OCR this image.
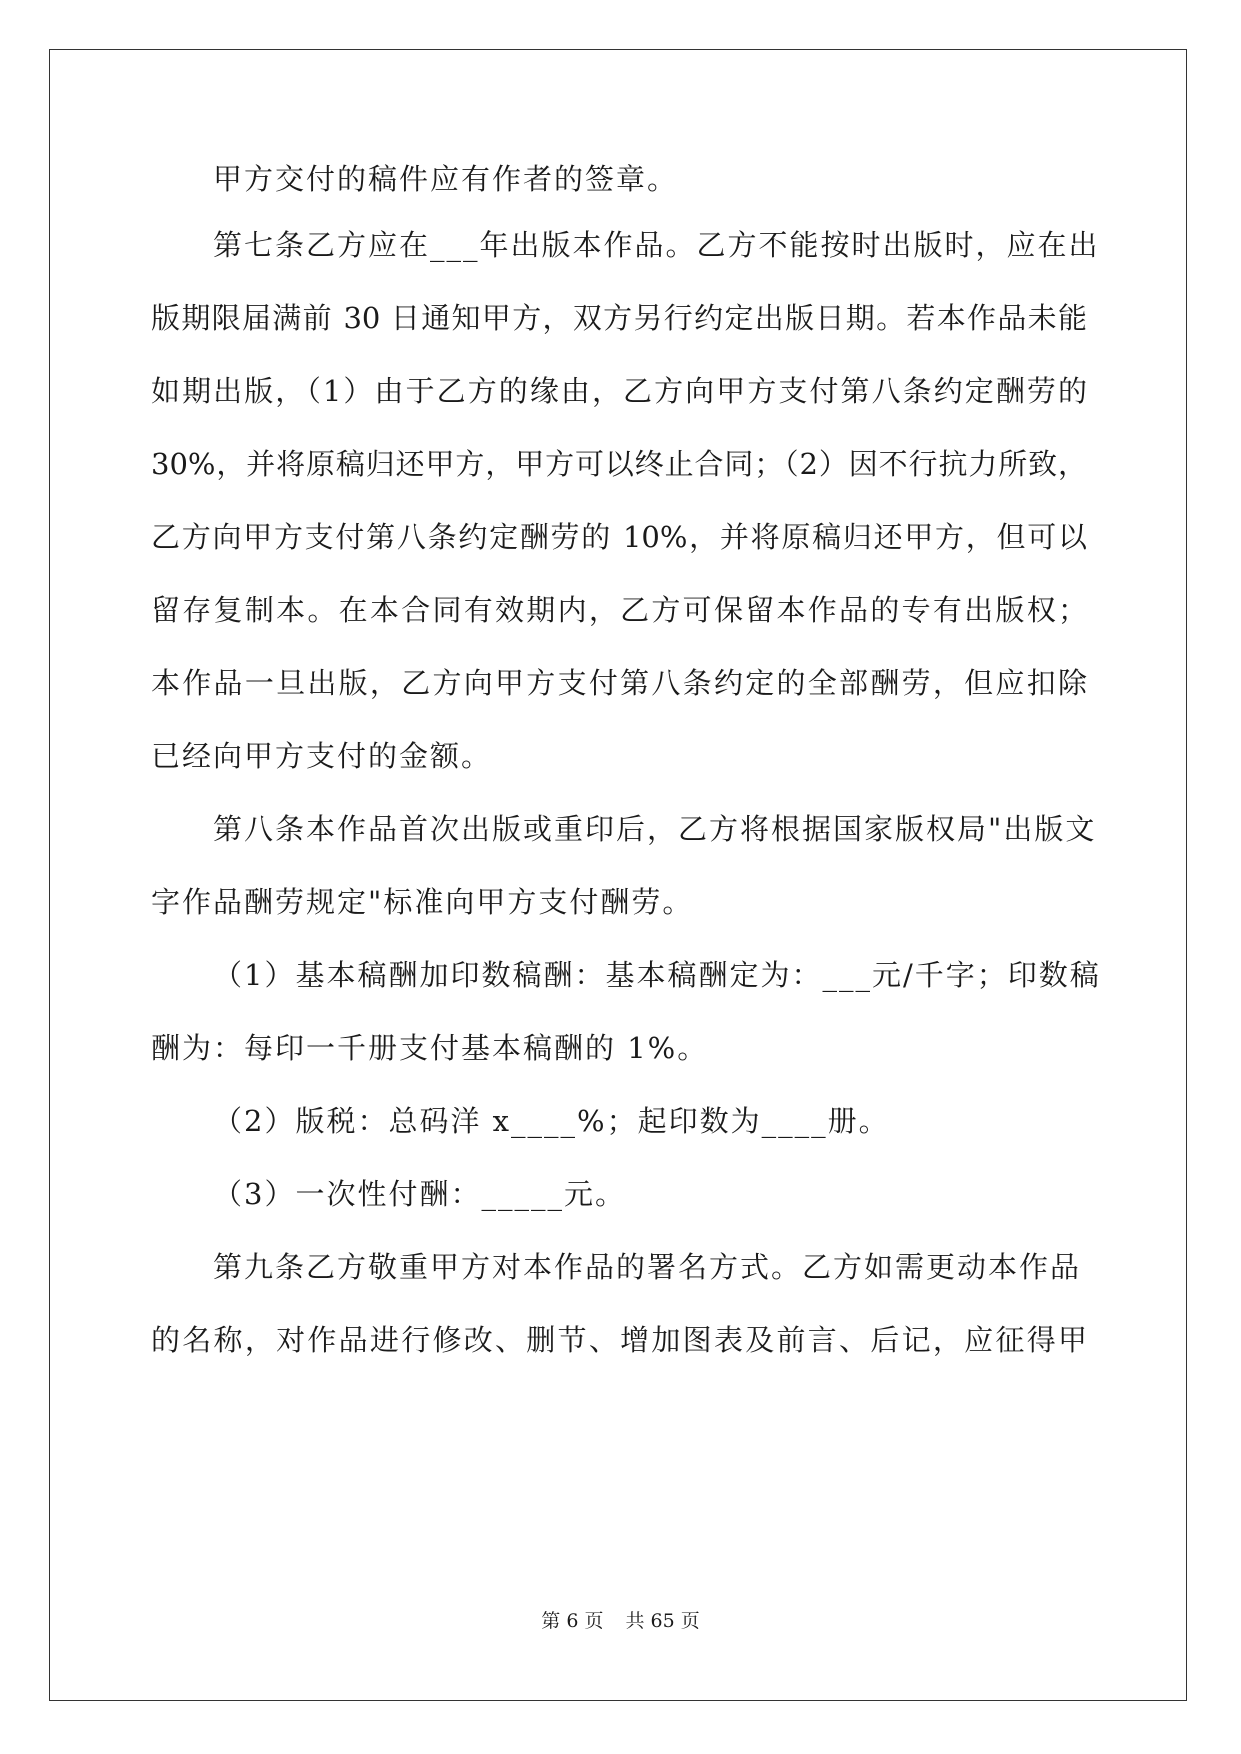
甲方交付的稿件应有作者的签章。
第七条乙方应在___年出版本作品。乙方不能按时出版时，应在出
版期限届满前 30 日通知甲方，双方另行约定出版日期。若本作品未能
如期出版，（1）由于乙方的缘由，乙方向甲方支付第八条约定酬劳的
30%，并将原稿归还甲方，甲方可以终止合同；（2）因不行抗力所致，
乙方向甲方支付第八条约定酬劳的 10%，并将原稿归还甲方，但可以
留存复制本。在本合同有效期内，乙方可保留本作品的专有出版权；
本作品一旦出版，乙方向甲方支付第八条约定的全部酬劳，但应扣除
已经向甲方支付的金额。
第八条本作品首次出版或重印后，乙方将根据国家版权局"出版文
字作品酬劳规定"标准向甲方支付酬劳。
（1）基本稿酬加印数稿酬：基本稿酬定为：___元/千字；印数稿
酬为：每印一千册支付基本稿酬的 1%。
（2）版税：总码洋 x____%；起印数为____册。
（3）一次性付酬：_____元。
第九条乙方敬重甲方对本作品的署名方式。乙方如需更动本作品
的名称，对作品进行修改、删节、增加图表及前言、后记，应征得甲
第 6 页 共 65 页
